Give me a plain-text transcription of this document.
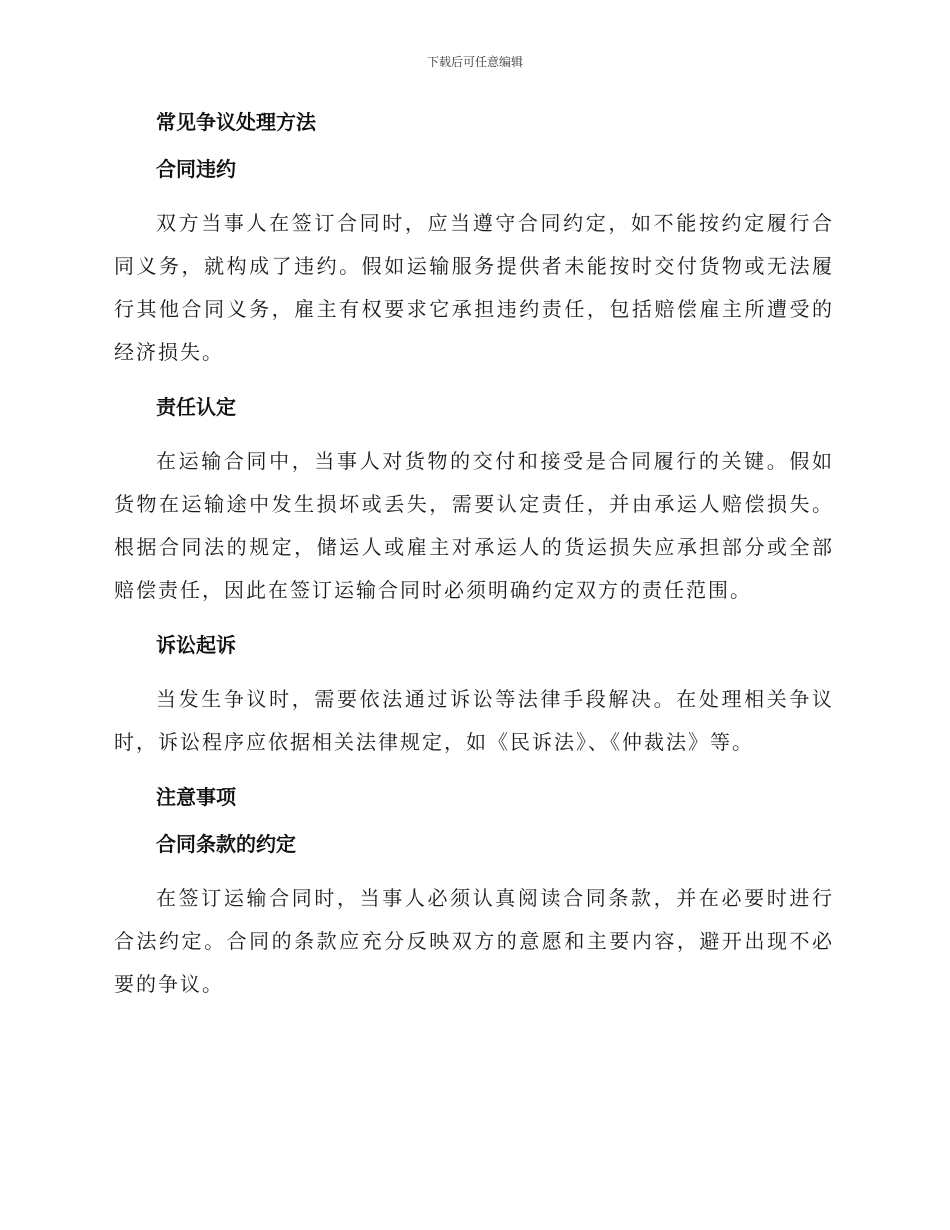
下载后可任意编辑
常见争议处理方法
合同违约

双方当事人在签订合同时，应当遵守合同约定，如不能按约定履行合同义务，就构成了违约。假如运输服务提供者未能按时交付货物或无法履行其他合同义务，雇主有权要求它承担违约责任，包括赔偿雇主所遭受的经济损失。

责任认定

在运输合同中，当事人对货物的交付和接受是合同履行的关键。假如货物在运输途中发生损坏或丢失，需要认定责任，并由承运人赔偿损失。根据合同法的规定，储运人或雇主对承运人的货运损失应承担部分或全部赔偿责任，因此在签订运输合同时必须明确约定双方的责任范围。

诉讼起诉

当发生争议时，需要依法通过诉讼等法律手段解决。在处理相关争议时，诉讼程序应依据相关法律规定，如《民诉法》、《仲裁法》等。

注意事项
合同条款的约定

在签订运输合同时，当事人必须认真阅读合同条款，并在必要时进行合法约定。合同的条款应充分反映双方的意愿和主要内容，避开出现不必要的争议。
